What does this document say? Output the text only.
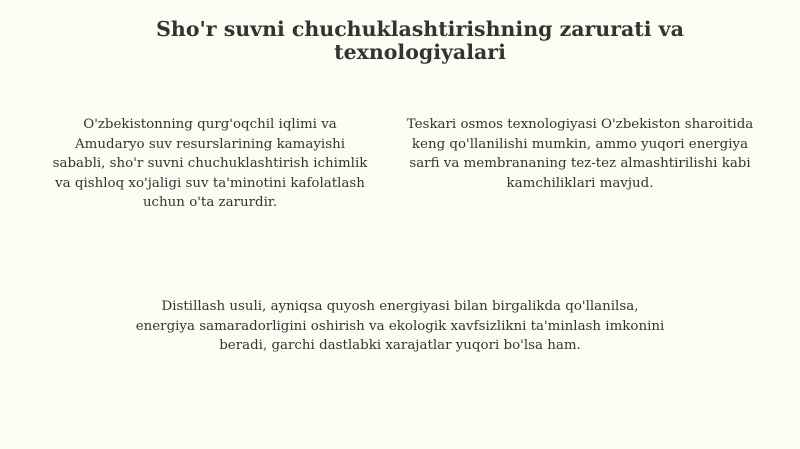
Sho'r suvni chuchuklashtirishning zarurati va texnologiyalari

O'zbekistonning qurg'oqchil iqlimi va Amudaryo suv resurslarining kamayishi sababli, sho'r suvni chuchuklashtirish ichimlik va qishloq xo'jaligi suv ta'minotini kafolatlash uchun o'ta zarurdir.

Teskari osmos texnologiyasi O'zbekiston sharoitida keng qo'llanilishi mumkin, ammo yuqori energiya sarfi va membrananing tez-tez almashtirilishi kabi kamchiliklari mavjud.

Distillash usuli, ayniqsa quyosh energiyasi bilan birgalikda qo'llanilsa, energiya samaradorligini oshirish va ekologik xavfsizlikni ta'minlash imkonini beradi, garchi dastlabki xarajatlar yuqori bo'lsa ham.
